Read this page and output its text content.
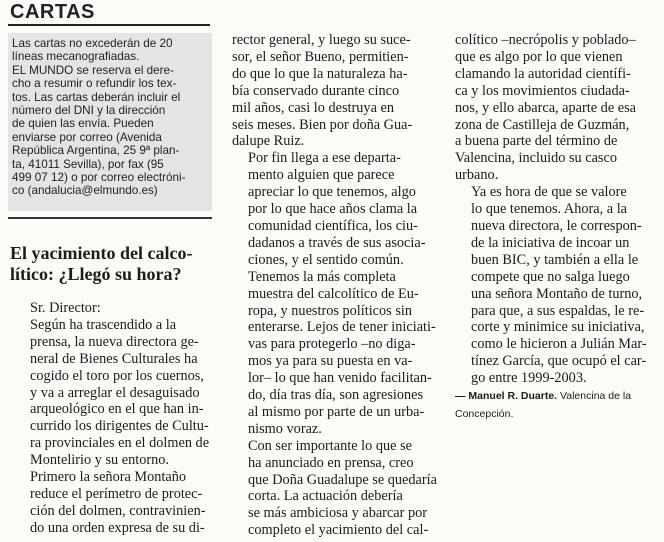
CARTAS
Las cartas no excederán de 20
líneas mecanografiadas.
EL MUNDO se reserva el dere-
cho a resumir o refundir los tex-
tos. Las cartas deberán incluir el
número del DNI y la dirección
de quien las envía. Pueden
enviarse por correo (Avenida
República Argentina, 25 9ª plan-
ta, 41011 Sevilla), por fax (95
499 07 12) o por correo electróni-
co (andalucia@elmundo.es)
El yacimiento del calco-
lítico: ¿Llegó su hora?
Sr. Director:
Según ha trascendido a la
prensa, la nueva directora ge-
neral de Bienes Culturales ha
cogido el toro por los cuernos,
y va a arreglar el desaguisado
arqueológico en el que han in-
currido los dirigentes de Cultu-
ra provinciales en el dolmen de
Montelirio y su entorno.
Primero la señora Montaño
reduce el perímetro de protec-
ción del dolmen, contravinien-
do una orden expresa de su di-
rector general, y luego su suce-
sor, el señor Bueno, permitien-
do que lo que la naturaleza ha-
bía conservado durante cinco
mil años, casi lo destruya en
seis meses. Bien por doña Gua-
dalupe Ruiz.
Por fin llega a ese departa-
mento alguien que parece
apreciar lo que tenemos, algo
por lo que hace años clama la
comunidad científica, los ciu-
dadanos a través de sus asocia-
ciones, y el sentido común.
Tenemos la más completa
muestra del calcolítico de Eu-
ropa, y nuestros políticos sin
enterarse. Lejos de tener iniciati-
vas para protegerlo –no diga-
mos ya para su puesta en va-
lor– lo que han venido facilitan-
do, día tras día, son agresiones
al mismo por parte de un urba-
nismo voraz.
Con ser importante lo que se
ha anunciado en prensa, creo
que Doña Guadalupe se quedaría
corta. La actuación debería
se más ambiciosa y abarcar por
completo el yacimiento del cal-
colítico –necrópolis y poblado–
que es algo por lo que vienen
clamando la autoridad científi-
ca y los movimientos ciudada-
nos, y ello abarca, aparte de esa
zona de Castilleja de Guzmán,
a buena parte del término de
Valencina, incluido su casco
urbano.
Ya es hora de que se valore
lo que tenemos. Ahora, a la
nueva directora, le correspon-
de la iniciativa de incoar un
buen BIC, y también a ella le
compete que no salga luego
una señora Montaño de turno,
para que, a sus espaldas, le re-
corte y minimice su iniciativa,
como le hicieron a Julián Mar-
tínez García, que ocupó el car-
go entre 1999-2003.
— Manuel R. Duarte. Valencina de la Concepción.
